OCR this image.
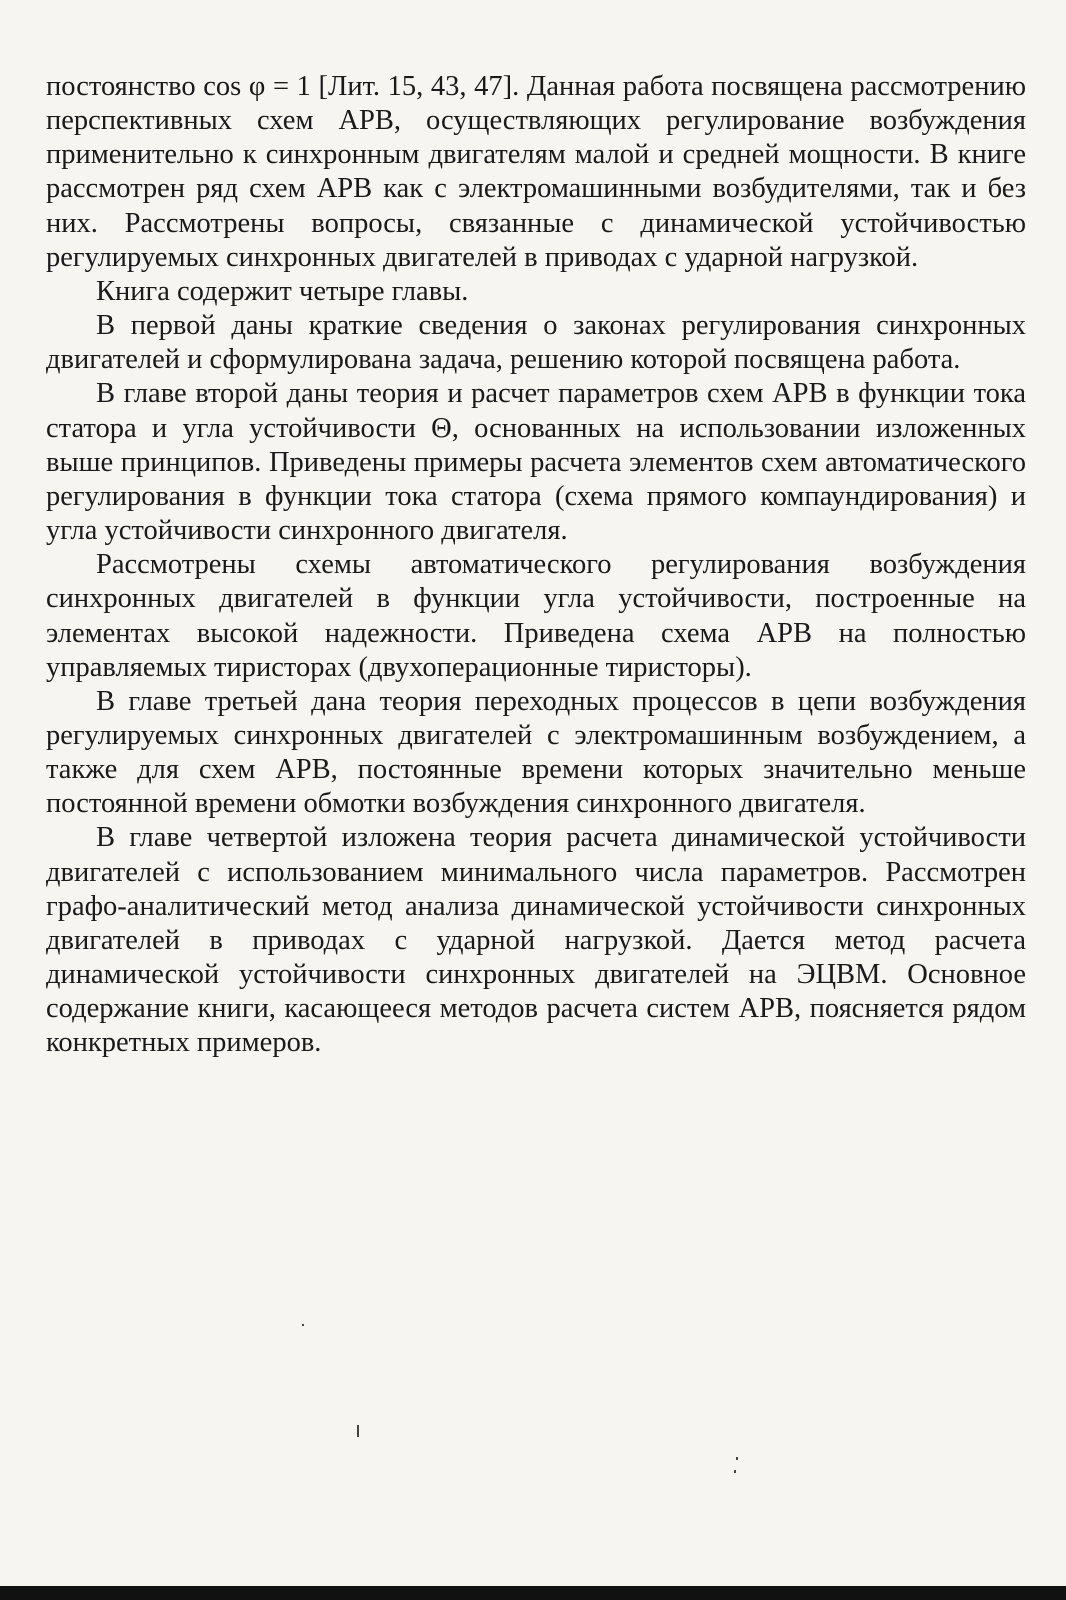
постоянство cos φ = 1 [Лит. 15, 43, 47]. Данная работа посвящена рассмотрению перспективных схем АРВ, осуществляющих регулирование возбуждения применительно к синхронным двигателям малой и средней мощности. В книге рассмотрен ряд схем АРВ как с электромашинными возбудителями, так и без них. Рассмотрены вопросы, связанные с динамической устойчивостью регулируемых синхронных двигателей в приводах с ударной нагрузкой.

Книга содержит четыре главы.

В первой даны краткие сведения о законах регулирования синхронных двигателей и сформулирована задача, решению которой посвящена работа.

В главе второй даны теория и расчет параметров схем АРВ в функции тока статора и угла устойчивости Θ, основанных на использовании изложенных выше принципов. Приведены примеры расчета элементов схем автоматического регулирования в функции тока статора (схема прямого компаундирования) и угла устойчивости синхронного двигателя.

Рассмотрены схемы автоматического регулирования возбуждения синхронных двигателей в функции угла устойчивости, построенные на элементах высокой надежности. Приведена схема АРВ на полностью управляемых тиристорах (двухоперационные тиристоры).

В главе третьей дана теория переходных процессов в цепи возбуждения регулируемых синхронных двигателей с электромашинным возбуждением, а также для схем АРВ, постоянные времени которых значительно меньше постоянной времени обмотки возбуждения синхронного двигателя.

В главе четвертой изложена теория расчета динамической устойчивости двигателей с использованием минимального числа параметров. Рассмотрен графо-аналитический метод анализа динамической устойчивости синхронных двигателей в приводах с ударной нагрузкой. Дается метод расчета динамической устойчивости синхронных двигателей на ЭЦВМ. Основное содержание книги, касающееся методов расчета систем АРВ, поясняется рядом конкретных примеров.
